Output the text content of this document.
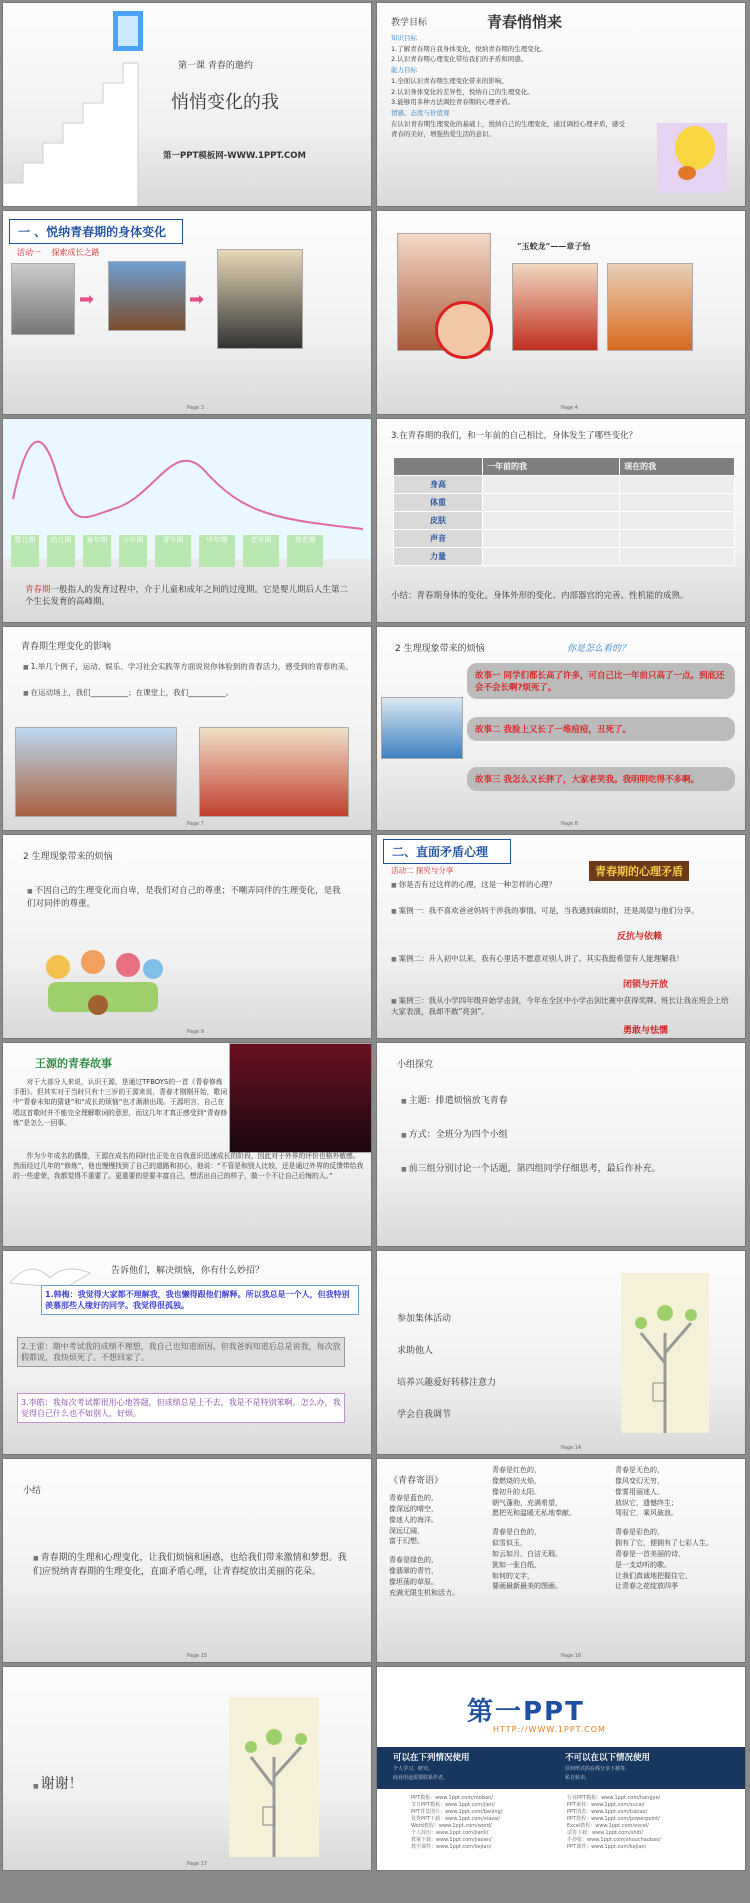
第一课 青春的邀约
悄悄变化的我
第一PPT模板网-WWW.1PPT.COM
教学目标	青春悄悄来
知识目标
1.了解青春期自我身体变化，悦纳青春期的生理变化。
2.认识青春期心理变化带给我们的矛盾和困惑。
能力目标
1.全面认识青春期生理变化带来的影响。
2.认识身体变化的差异性，悦纳自己的生理变化。
3.能够用多种方法调控青春期的心理矛盾。
情感、态度与价值观
在认识青春期生理变化的基础上，悦纳自己的生理变化，通过调控心理矛盾，感受青春的美好，增强热爱生活的意识。
一 、悦纳青春期的身体变化
活动一 探索成长之路
➡	➡
Page 3
“玉蛟龙”——章子怡
Page 4
婴儿期	幼儿期	童年期	少年期	青年期	中年期	老年期	衰老期
青春期一般指人的发育过程中，介于儿童和成年之间的过度期。它是婴儿期后人生第二个生长发育的高峰期。
3.在青春期的我们，和一年前的自己相比，身体发生了哪些变化？
	一年前的我	现在的我
身高		
体重		
皮肤		
声音		
力量		
小结：青春期身体的变化。身体外形的变化、内部器官的完善、性机能的成熟。
青春期生理变化的影响
■ 1.举几个例子，运动、娱乐、学习社会实践等方面说说你体验到的青春活力，感受到的青春的美。
■ 在运动场上，我们__________；在课堂上，我们__________。
Page 7
2 生理现象带来的烦恼	你是怎么看的？
故事一 同学们都长高了许多，可自己比一年前只高了一点。到底还会不会长啊?烦死了。
故事二 我脸上又长了一堆痘痘，丑死了。
故事三 我怎么又长胖了，大家老笑我。我明明吃得不多啊。
Page 8
2 生理现象带来的烦恼
■ 不因自己的生理变化而自卑，是我们对自己的尊重；不嘲弄同伴的生理变化，是我们对同伴的尊重。
Page 9
二、直面矛盾心理
青春期的心理矛盾
活动二 探究与分享
■ 你是否有过这样的心理，这是一种怎样的心理？
■ 案例一：我不喜欢爸爸妈妈干涉我的事情。可是，当我遇到麻烦时，还是渴望与他们分享。
反抗与依赖
■ 案例二：升入初中以来，我有心里话不愿意对别人讲了。其实我挺希望有人能理解我！
闭锁与开放
■ 案例三：我从小学四年级开始学击剑，今年在全区中小学击剑比赛中获得奖牌。班长让我在班会上给大家表演，我却不敢“亮剑”。
勇敢与怯懦
王源的青春故事
对于大部分人来说，认识王源，是通过TFBOYS的一首《青春修炼手册》。但其实对于当时只有十三岁的王源来说，青春才刚刚开始，歌词中“青春未知的猜谜”和“成长的烦恼”也才渐渐出现。王源坦言，自己在唱这首歌时并不能完全理解歌词的意思，而这几年才真正感受到“青春修炼”是怎么一回事。
作为少年成名的偶像，王源在成名的同时也正处在自我意识迅速成长的阶段，因此对于外界的评价也格外敏感。然而经过几年的“修炼”，他也慢慢找到了自己的道路和初心，他说：“不管是和别人比较，还是通过外界的反馈带给我的一些虚荣，我都觉得不重要了。更重要的是要丰富自己，想活出自己的样子，做一个不让自己后悔的人。”
小组探究
■ 主题：排遣烦恼放飞青春
■ 方式：全班分为四个小组
■ 前三组分别讨论一个话题，第四组同学仔细思考，最后作补充。
告诉他们，解决烦恼，你有什么妙招？
1.韩梅：我觉得大家都不理解我，我也懒得跟他们解释。所以我总是一个人，但我特别羡慕那些人缘好的同学。我觉得很孤独。
2.王雷：期中考试我的成绩不理想，我自己也知道原因。但我爸妈知道后总是说我，每次放假都说，我快烦死了。不想回家了。
3.李皓：我每次考试都很用心地答题，但成绩总是上不去，我是不是特别笨啊。怎么办，我觉得自己什么也不如别人，好烦。
参加集体活动
求助他人
培养兴趣爱好转移注意力
学会自我调节
Page 14
小结
■ 青春期的生理和心理变化，让我们烦恼和困惑，也给我们带来激情和梦想。我们应悦纳青春期的生理变化，直面矛盾心理，让青春绽放出美丽的花朵。
Page 15
《青春寄语》
青春是蓝色的，
像深远的晴空，
像迷人的海洋。
深远辽阔，
富于幻想。
青春是绿色的，
像翡翠的青竹，
像坦荡的草原。
充满无限生机和活力。
青春是红色的，
像燃烧的火焰，
像初升的太阳。
朝气蓬勃，充满希望，
愿把光和温暖无私地奉献。
青春是白色的，
似雪似玉，
如云如月，白洁无瑕。
犹如一张白纸，
如何的文字，
要画最新最美的图画。
青春是无色的，
像风变幻无穷，
像雾用丽迷人。
放纵它，遗憾终生；
驾驭它，乘风破浪。
青春是彩色的，
拥有了它，便拥有了七彩人生。
青春是一首美丽的诗，
是一支动听的歌。
让我们真诚地把握住它，
让青春之花绽放四季
Page 16
■ 谢谢！
Page 17
第一PPT
HTTP://WWW.1PPT.COM
可以在下列情况使用
个人学习、研究。
商业用途需要联系作者。
不可以在以下情况使用
任何形式的在线分享下载等。
私自转卖。
PPT模板：www.1ppt.com/moban/
节日PPT模板：www.1ppt.com/jieri/
PPT背景图片：www.1ppt.com/beijing/
优秀PPT下载：www.1ppt.com/xiazai/
Word教程：www.1ppt.com/word/
个人简历：www.1ppt.com/jianli/
教案下载：www.1ppt.com/jiaoan/
教学课件：www.1ppt.com/kejian/
行业PPT模板：www.1ppt.com/hangye/
PPT素材：www.1ppt.com/sucai/
PPT图表：www.1ppt.com/tubiao/
PPT教程：www.1ppt.com/powerpoint/
Excel教程：www.1ppt.com/excel/
试卷下载：www.1ppt.com/shiti/
手抄报：www.1ppt.com/shouchaobao/
PPT课件：www.1ppt.com/kejian/
